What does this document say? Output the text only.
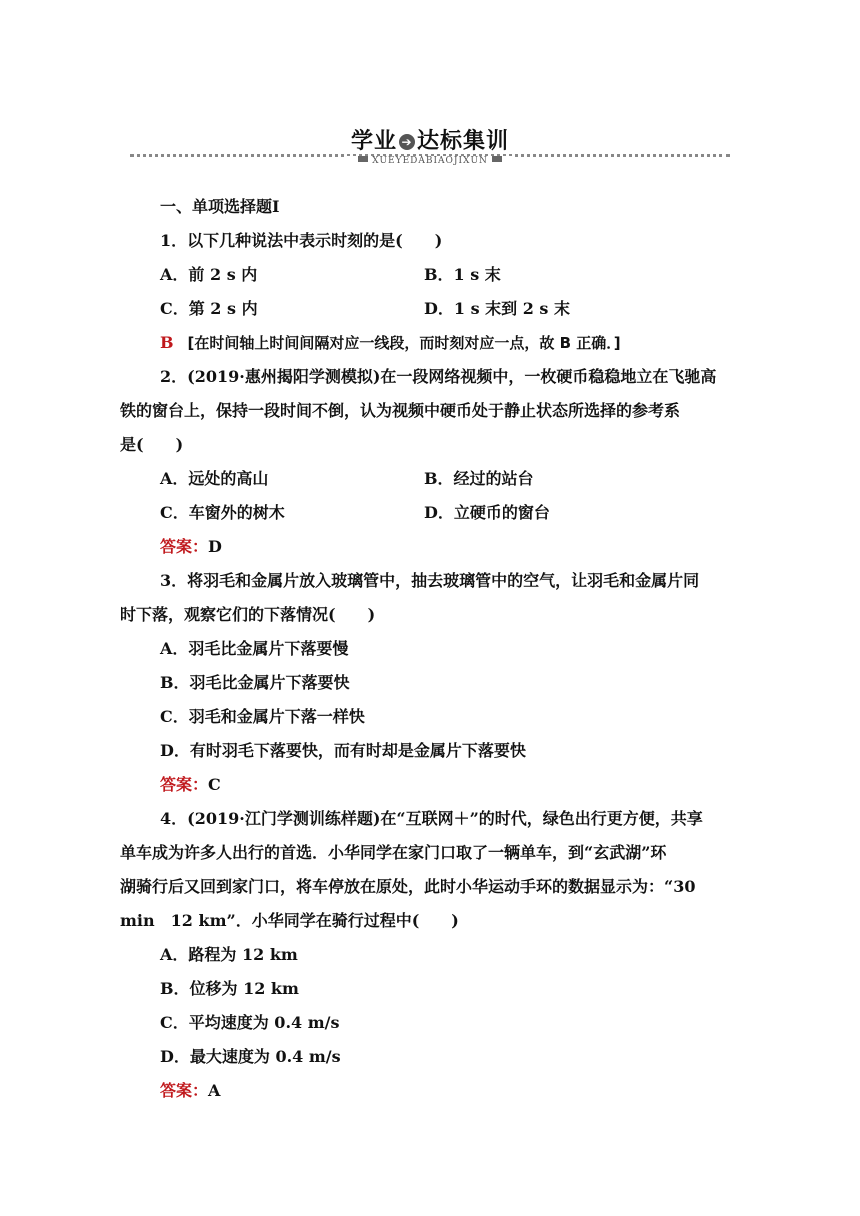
学业 ➔ 达标集训
XUEYEDABIAOJIXUN
一、单项选择题Ⅰ
1．以下几种说法中表示时刻的是(　　)
A．前 2 s 内	B．1 s 末
C．第 2 s 内	D．1 s 末到 2 s 末
B [在时间轴上时间间隔对应一线段，而时刻对应一点，故 B 正确．]
2．(2019·惠州揭阳学测模拟)在一段网络视频中，一枚硬币稳稳地立在飞驰高
铁的窗台上，保持一段时间不倒，认为视频中硬币处于静止状态所选择的参考系
是(　　)
A．远处的高山	B．经过的站台
C．车窗外的树木	D．立硬币的窗台
答案：D
3．将羽毛和金属片放入玻璃管中，抽去玻璃管中的空气，让羽毛和金属片同
时下落，观察它们的下落情况(　　)
A．羽毛比金属片下落要慢
B．羽毛比金属片下落要快
C．羽毛和金属片下落一样快
D．有时羽毛下落要快，而有时却是金属片下落要快
答案：C
4．(2019·江门学测训练样题)在“互联网＋”的时代，绿色出行更方便，共享
单车成为许多人出行的首选．小华同学在家门口取了一辆单车，到“玄武湖”环
湖骑行后又回到家门口，将车停放在原处，此时小华运动手环的数据显示为：“30
min　12 km”．小华同学在骑行过程中(　　)
A．路程为 12 km
B．位移为 12 km
C．平均速度为 0.4 m/s
D．最大速度为 0.4 m/s
答案：A
